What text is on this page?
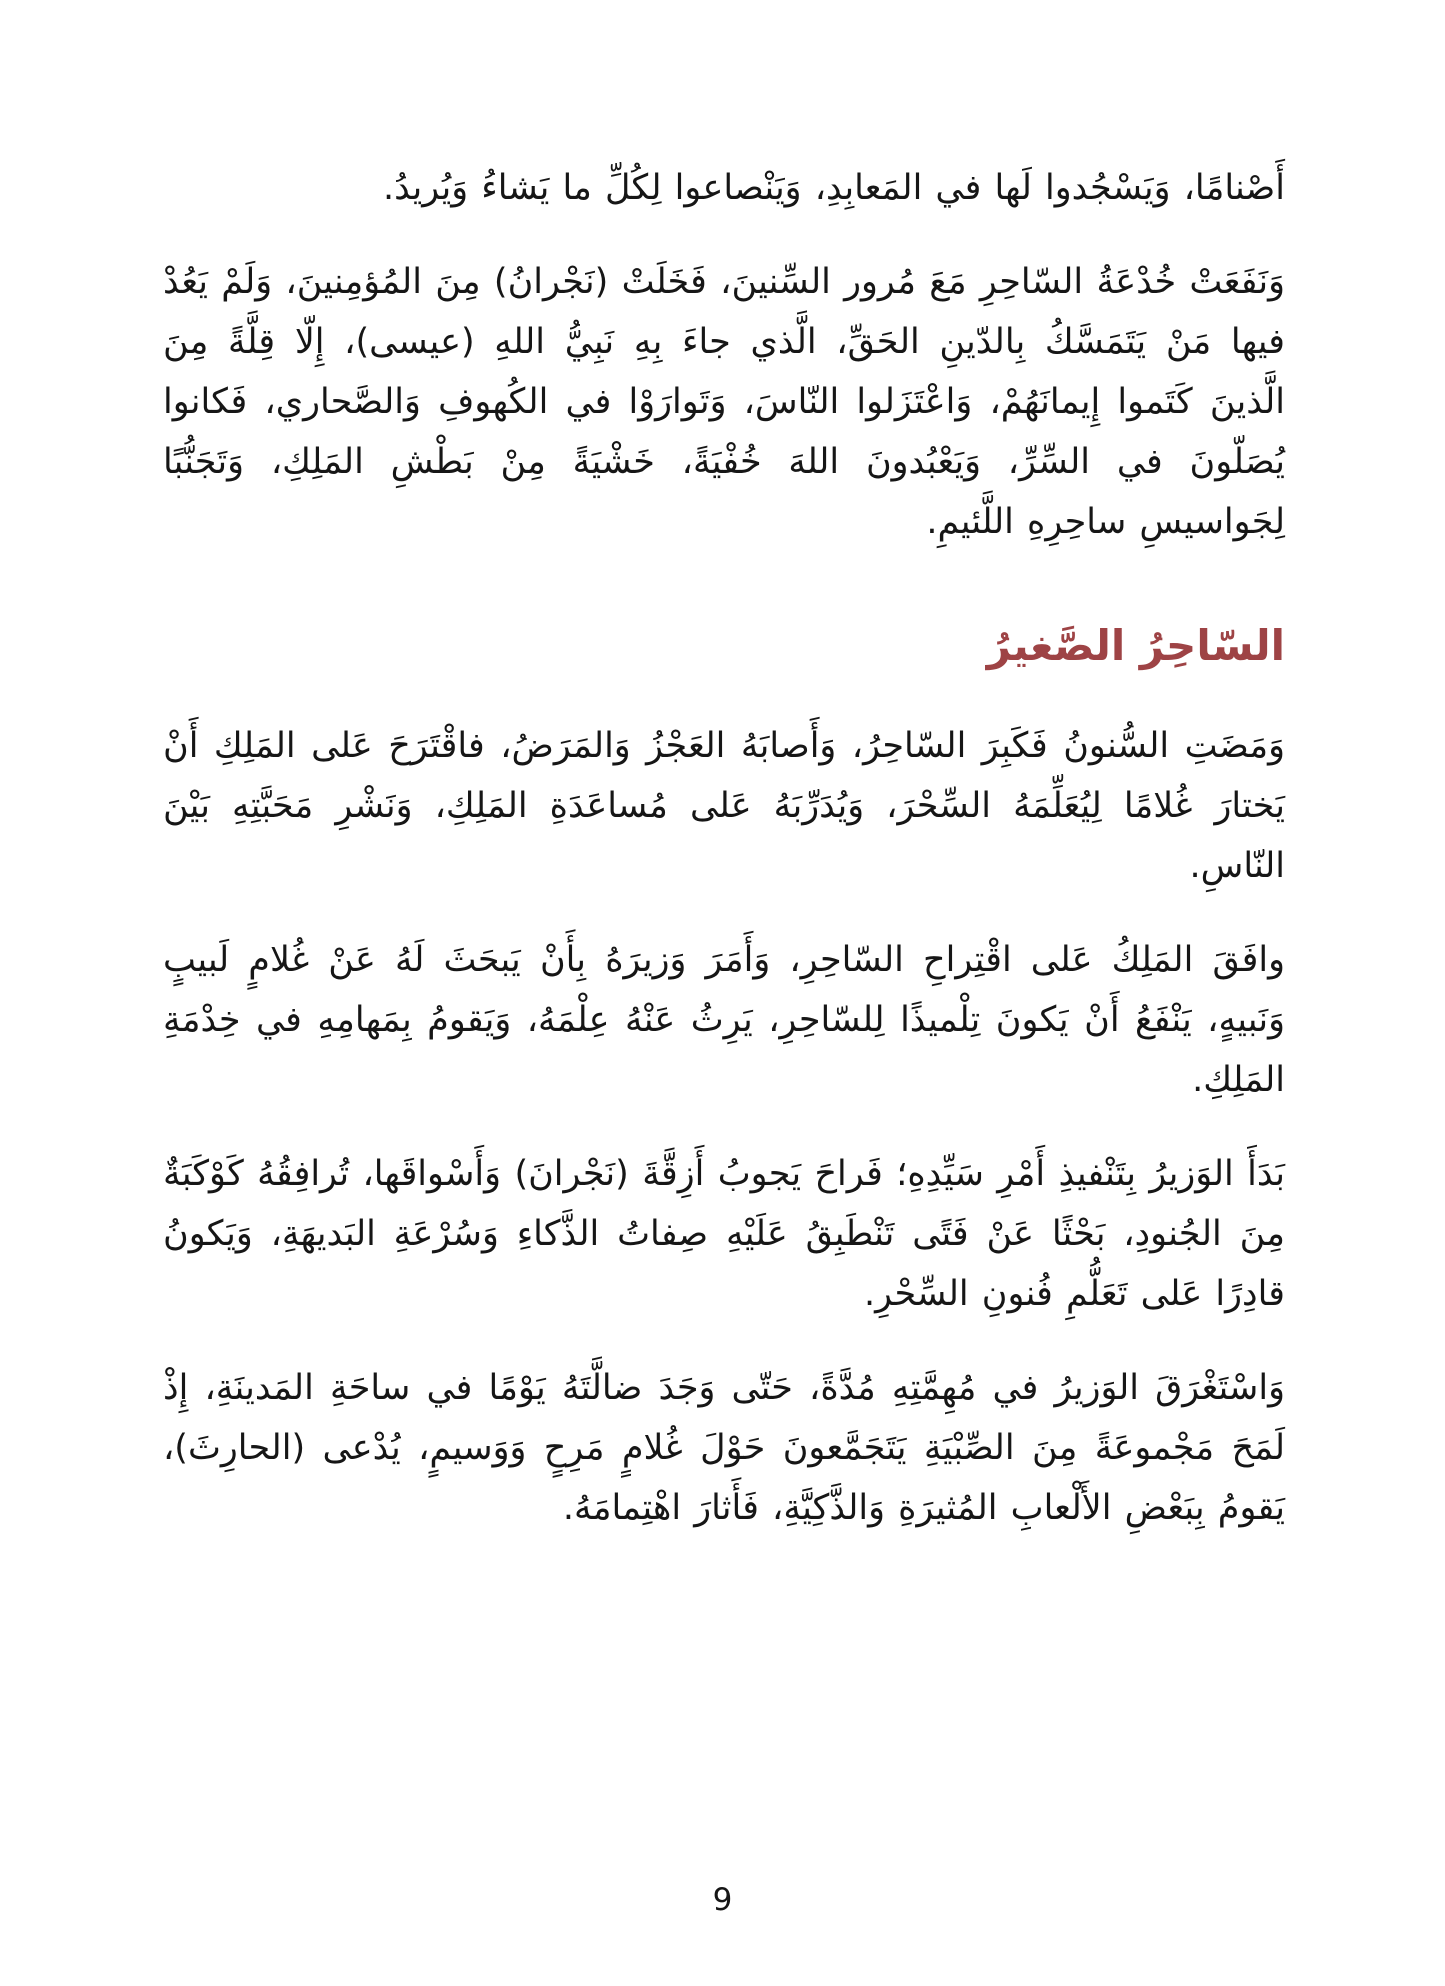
أَصْنامًا، وَيَسْجُدوا لَها في المَعابِدِ، وَيَنْصاعوا لِكُلِّ ما يَشاءُ وَيُريدُ.

وَنَفَعَتْ خُدْعَةُ السّاحِرِ مَعَ مُرور السِّنينَ، فَخَلَتْ (نَجْرانُ) مِنَ المُؤمِنينَ، وَلَمْ يَعُدْ فيها مَنْ يَتَمَسَّكُ بِالدّينِ الحَقِّ، الَّذي جاءَ بِهِ نَبِيُّ اللهِ (عيسى)، إِلّا قِلَّةً مِنَ الَّذينَ كَتَموا إِيمانَهُمْ، وَاعْتَزَلوا النّاسَ، وَتَوارَوْا في الكُهوفِ وَالصَّحاري، فَكانوا يُصَلّونَ في السِّرِّ، وَيَعْبُدونَ اللهَ خُفْيَةً، خَشْيَةً مِنْ بَطْشِ المَلِكِ، وَتَجَنُّبًا لِجَواسيسِ ساحِرِهِ اللَّئيمِ.

السّاحِرُ الصَّغيرُ

وَمَضَتِ السُّنونُ فَكَبِرَ السّاحِرُ، وَأَصابَهُ العَجْزُ وَالمَرَضُ، فاقْتَرَحَ عَلى المَلِكِ أَنْ يَختارَ غُلامًا لِيُعَلِّمَهُ السِّحْرَ، وَيُدَرِّبَهُ عَلى مُساعَدَةِ المَلِكِ، وَنَشْرِ مَحَبَّتِهِ بَيْنَ النّاسِ.

وافَقَ المَلِكُ عَلى اقْتِراحِ السّاحِرِ، وَأَمَرَ وَزيرَهُ بِأَنْ يَبحَثَ لَهُ عَنْ غُلامٍ لَبيبٍ وَنَبيهٍ، يَنْفَعُ أَنْ يَكونَ تِلْميذًا لِلسّاحِرِ، يَرِثُ عَنْهُ عِلْمَهُ، وَيَقومُ بِمَهامِهِ في خِدْمَةِ المَلِكِ.

بَدَأَ الوَزيرُ بِتَنْفيذِ أَمْرِ سَيِّدِهِ؛ فَراحَ يَجوبُ أَزِقَّةَ (نَجْرانَ) وَأَسْواقَها، تُرافِقُهُ كَوْكَبَةٌ مِنَ الجُنودِ، بَحْثًا عَنْ فَتًى تَنْطَبِقُ عَلَيْهِ صِفاتُ الذَّكاءِ وَسُرْعَةِ البَديهَةِ، وَيَكونُ قادِرًا عَلى تَعَلُّمِ فُنونِ السِّحْرِ.

وَاسْتَغْرَقَ الوَزيرُ في مُهِمَّتِهِ مُدَّةً، حَتّى وَجَدَ ضالَّتَهُ يَوْمًا في ساحَةِ المَدينَةِ، إِذْ لَمَحَ مَجْموعَةً مِنَ الصِّبْيَةِ يَتَجَمَّعونَ حَوْلَ غُلامٍ مَرِحٍ وَوَسيمٍ، يُدْعى (الحارِثَ)، يَقومُ بِبَعْضِ الأَلْعابِ المُثيرَةِ وَالذَّكِيَّةِ، فَأَثارَ اهْتِمامَهُ.

9
